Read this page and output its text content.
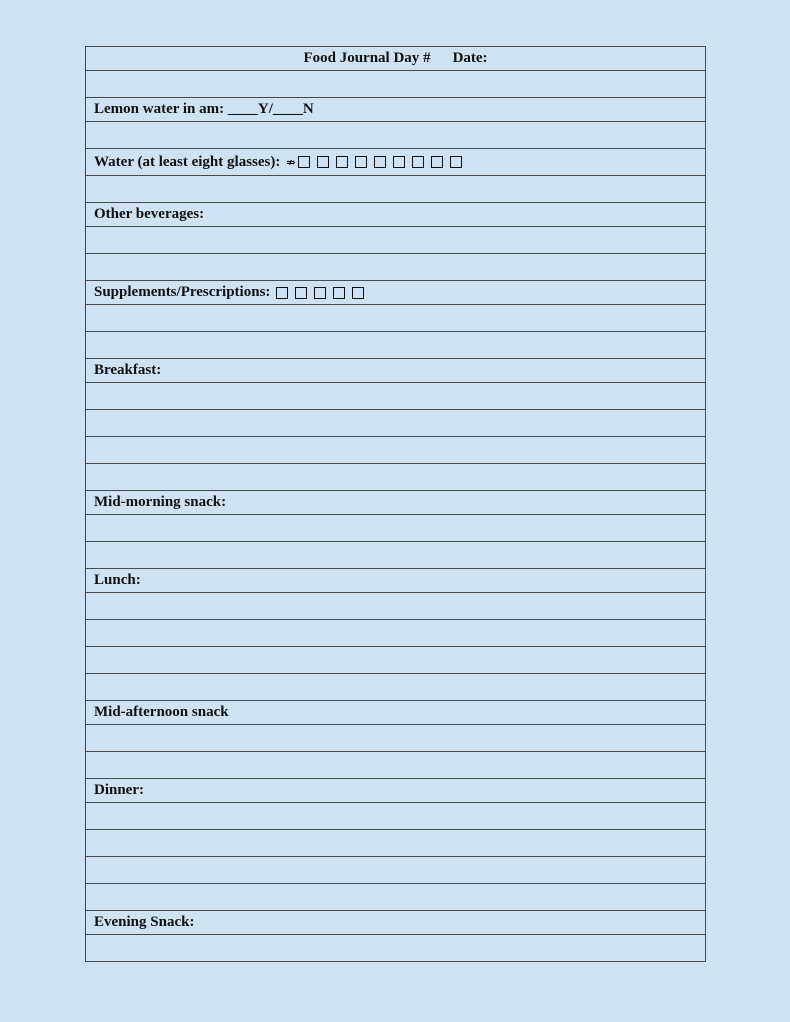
Food Journal Day # Date:
Lemon water in am: ____Y/____N
Water (at least eight glasses): ⇏
Other beverages:
Supplements/Prescriptions:
Breakfast:
Mid-morning snack:
Lunch:
Mid-afternoon snack
Dinner:
Evening Snack:
